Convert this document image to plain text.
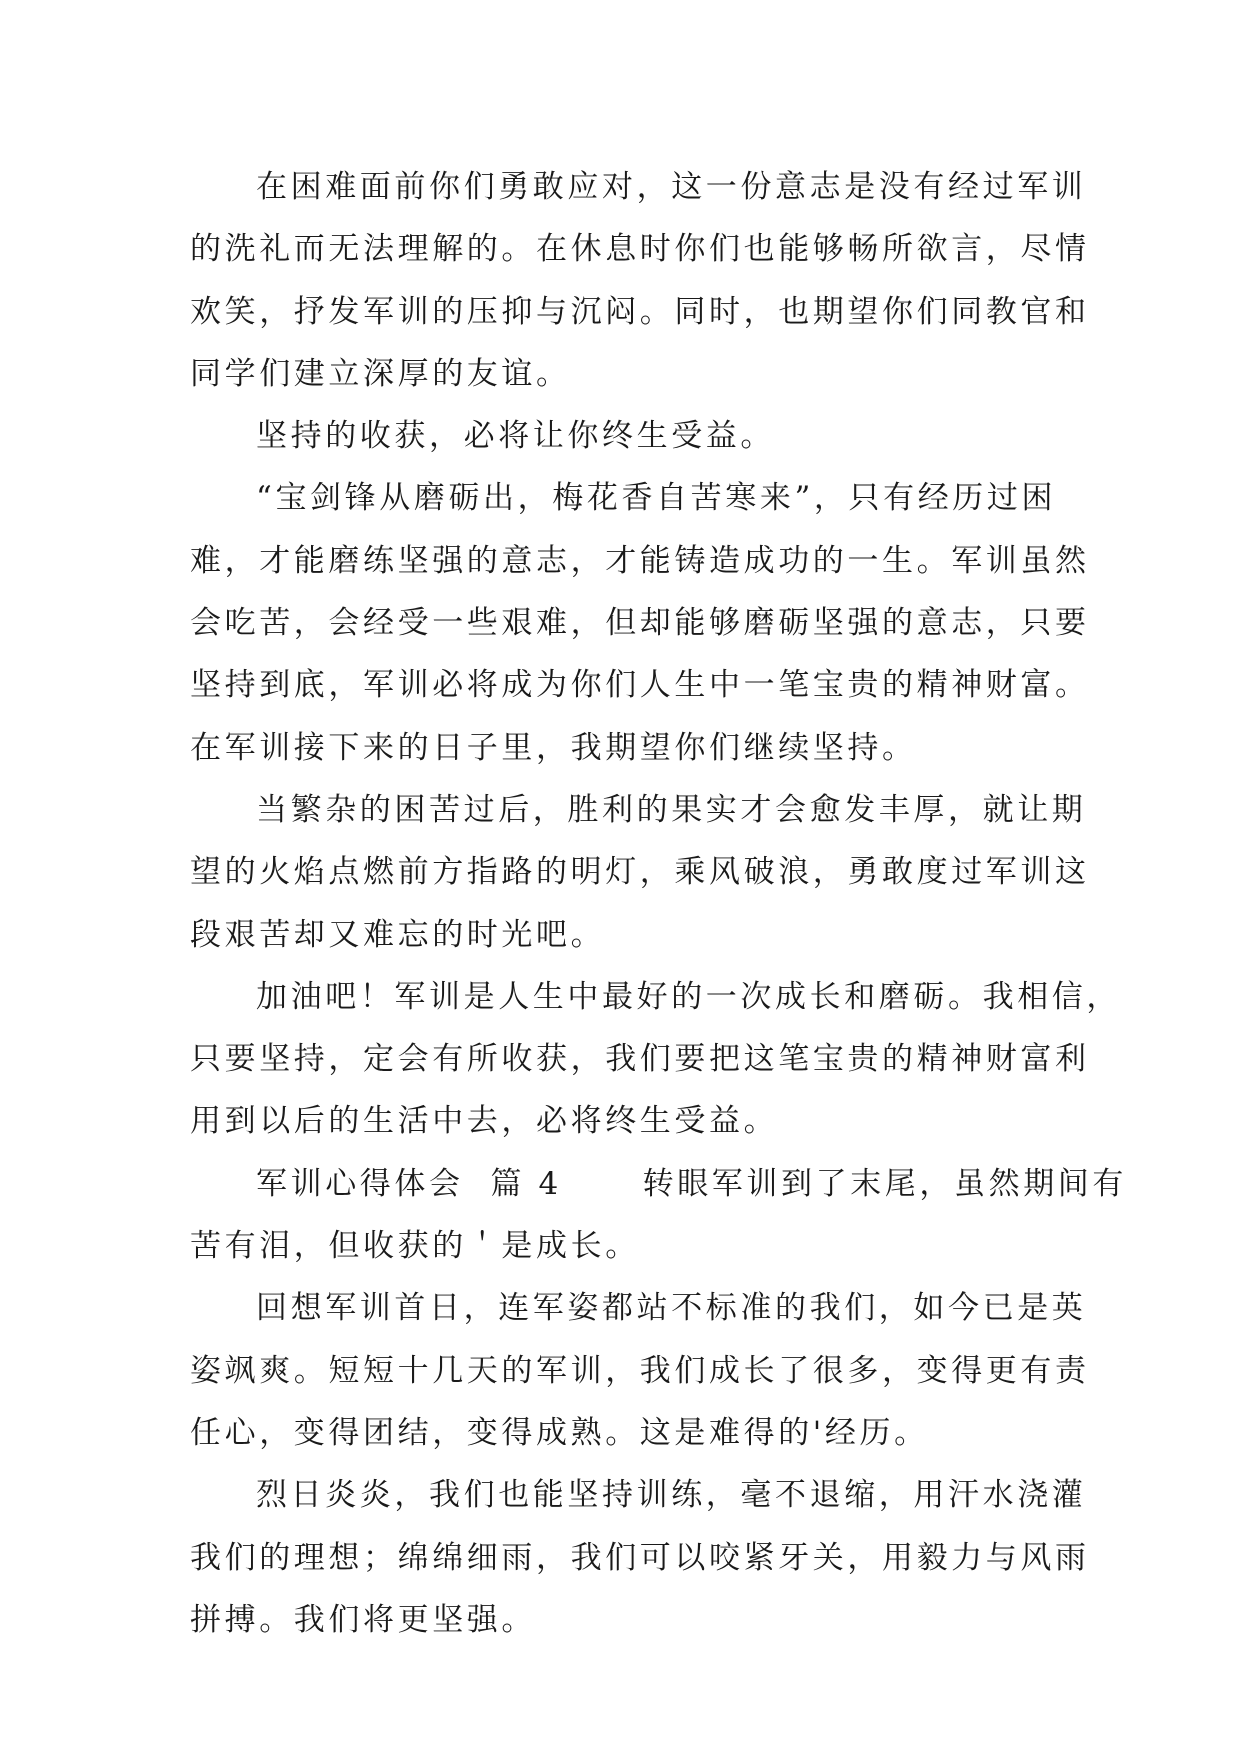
在困难面前你们勇敢应对，这一份意志是没有经过军训
的洗礼而无法理解的。在休息时你们也能够畅所欲言，尽情
欢笑，抒发军训的压抑与沉闷。同时，也期望你们同教官和
同学们建立深厚的友谊。
坚持的收获，必将让你终生受益。
“宝剑锋从磨砺出，梅花香自苦寒来”，只有经历过困
难，才能磨练坚强的意志，才能铸造成功的一生。军训虽然
会吃苦，会经受一些艰难，但却能够磨砺坚强的意志，只要
坚持到底，军训必将成为你们人生中一笔宝贵的精神财富。
在军训接下来的日子里，我期望你们继续坚持。
当繁杂的困苦过后，胜利的果实才会愈发丰厚，就让期
望的火焰点燃前方指路的明灯，乘风破浪，勇敢度过军训这
段艰苦却又难忘的时光吧。
加油吧！军训是人生中最好的一次成长和磨砺。我相信，
只要坚持，定会有所收获，我们要把这笔宝贵的精神财富利
用到以后的生活中去，必将终生受益。
军训心得体会  篇 4      转眼军训到了末尾，虽然期间有
苦有泪，但收获的＇是成长。
回想军训首日，连军姿都站不标准的我们，如今已是英
姿飒爽。短短十几天的军训，我们成长了很多，变得更有责
任心，变得团结，变得成熟。这是难得的'经历。
烈日炎炎，我们也能坚持训练，毫不退缩，用汗水浇灌
我们的理想；绵绵细雨，我们可以咬紧牙关，用毅力与风雨
拼搏。我们将更坚强。
